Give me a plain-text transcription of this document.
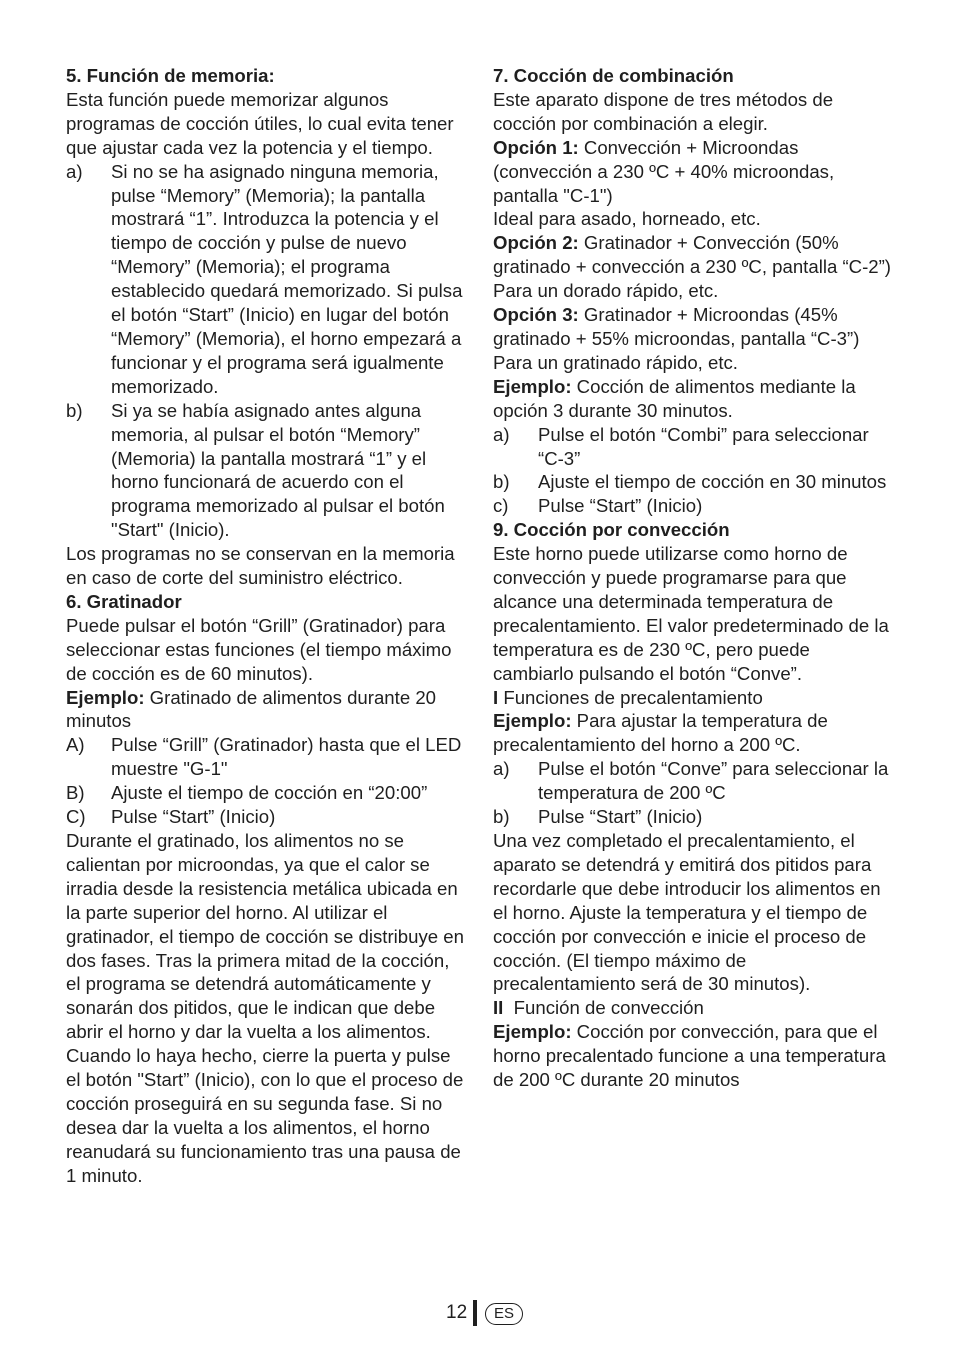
5. Función de memoria:

Esta función puede memorizar algunos programas de cocción útiles, lo cual evita tener que ajustar cada vez la potencia y el tiempo.

a) Si no se ha asignado ninguna memoria, pulse “Memory” (Memoria); la pantalla mostrará “1”. Introduzca la potencia y el tiempo de cocción y pulse de nuevo “Memory” (Memoria); el programa establecido quedará memorizado. Si pulsa el botón “Start” (Inicio) en lugar del botón “Memory” (Memoria), el horno empezará a funcionar y el programa será igualmente memorizado.
b) Si ya se había asignado antes alguna memoria, al pulsar el botón “Memory” (Memoria) la pantalla mostrará “1” y el horno funcionará de acuerdo con el programa memorizado al pulsar el botón "Start" (Inicio).

Los programas no se conservan en la memoria en caso de corte del suministro eléctrico.

6. Gratinador

Puede pulsar el botón “Grill” (Gratinador) para seleccionar estas funciones (el tiempo máximo de cocción es de 60 minutos).

Ejemplo: Gratinado de alimentos durante 20 minutos

A) Pulse “Grill” (Gratinador) hasta que el LED muestre "G-1"
B) Ajuste el tiempo de cocción en “20:00”
C) Pulse “Start” (Inicio)

Durante el gratinado, los alimentos no se calientan por microondas, ya que el calor se irradia desde la resistencia metálica ubicada en la parte superior del horno. Al utilizar el gratinador, el tiempo de cocción se distribuye en dos fases. Tras la primera mitad de la cocción, el programa se detendrá automáticamente y sonarán dos pitidos, que le indican que debe abrir el horno y dar la vuelta a los alimentos. Cuando lo haya hecho, cierre la puerta y pulse el botón "Start” (Inicio), con lo que el proceso de cocción proseguirá en su segunda fase. Si no desea dar la vuelta a los alimentos, el horno reanudará su funcionamiento tras una pausa de 1 minuto.

7. Cocción de combinación

Este aparato dispone de tres métodos de cocción por combinación a elegir.

Opción 1: Convección + Microondas (convección a 230 ºC + 40% microondas, pantalla "C-1")

Ideal para asado, horneado, etc.

Opción 2: Gratinador + Convección (50% gratinado + convección a 230 ºC, pantalla “C-2”)

Para un dorado rápido, etc.

Opción 3: Gratinador + Microondas (45% gratinado + 55% microondas, pantalla “C-3”)

Para un gratinado rápido, etc.

Ejemplo: Cocción de alimentos mediante la opción 3 durante 30 minutos.

a) Pulse el botón “Combi” para seleccionar “C-3”
b) Ajuste el tiempo de cocción en 30 minutos
c) Pulse “Start” (Inicio)

9. Cocción por convección

Este horno puede utilizarse como horno de convección y puede programarse para que alcance una determinada temperatura de precalentamiento. El valor predeterminado de la temperatura es de 230 ºC, pero puede cambiarlo pulsando el botón “Conve”.

I Funciones de precalentamiento

Ejemplo: Para ajustar la temperatura de precalentamiento del horno a 200 ºC.

a) Pulse el botón “Conve” para seleccionar la temperatura de 200 ºC
b) Pulse “Start” (Inicio)

Una vez completado el precalentamiento, el aparato se detendrá y emitirá dos pitidos para recordarle que debe introducir los alimentos en el horno. Ajuste la temperatura y el tiempo de cocción por convección e inicie el proceso de cocción. (El tiempo máximo de precalentamiento será de 30 minutos).

II  Función de convección

Ejemplo: Cocción por convección, para que el horno precalentado funcione a una temperatura de 200 ºC durante 20 minutos

12	ES
